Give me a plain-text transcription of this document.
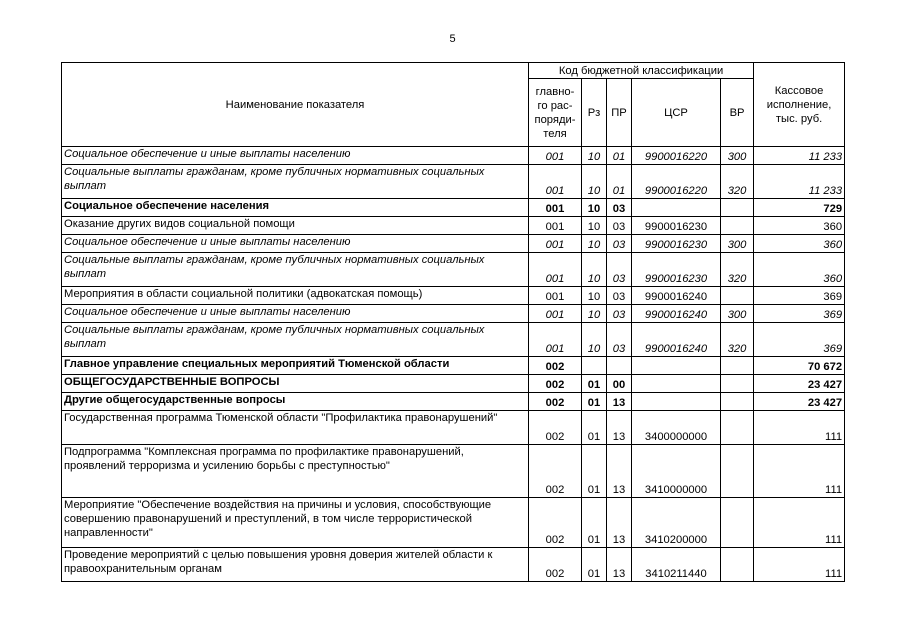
5
Наименование показателя	Код бюджетной классификации					Кассовое исполнение, тыс. руб.
	главно-го рас-поряди-теля	Рз	ПР	ЦСР	ВР	
Социальное обеспечение и иные выплаты населению	001	10	01	9900016220	300	11 233
Социальные выплаты гражданам, кроме публичных нормативных социальных выплат	001	10	01	9900016220	320	11 233
Социальное обеспечение населения	001	10	03			729
Оказание других видов социальной помощи	001	10	03	9900016230		360
Социальное обеспечение и иные выплаты населению	001	10	03	9900016230	300	360
Социальные выплаты гражданам, кроме публичных нормативных социальных выплат	001	10	03	9900016230	320	360
Мероприятия в области социальной политики (адвокатская помощь)	001	10	03	9900016240		369
Социальное обеспечение и иные выплаты населению	001	10	03	9900016240	300	369
Социальные выплаты гражданам, кроме публичных нормативных социальных выплат	001	10	03	9900016240	320	369
Главное управление специальных мероприятий Тюменской области	002					70 672
ОБЩЕГОСУДАРСТВЕННЫЕ ВОПРОСЫ	002	01	00			23 427
Другие общегосударственные вопросы	002	01	13			23 427
Государственная программа Тюменской области "Профилактика правонарушений"	002	01	13	3400000000		111
Подпрограмма "Комплексная программа по профилактике правонарушений, проявлений терроризма и усилению борьбы с преступностью"	002	01	13	3410000000		111
Мероприятие "Обеспечение воздействия на причины и условия, способствующие совершению правонарушений и преступлений, в том числе террористической направленности"	002	01	13	3410200000		111
Проведение мероприятий с целью повышения уровня доверия жителей области к правоохранительным органам	002	01	13	3410211440		111
